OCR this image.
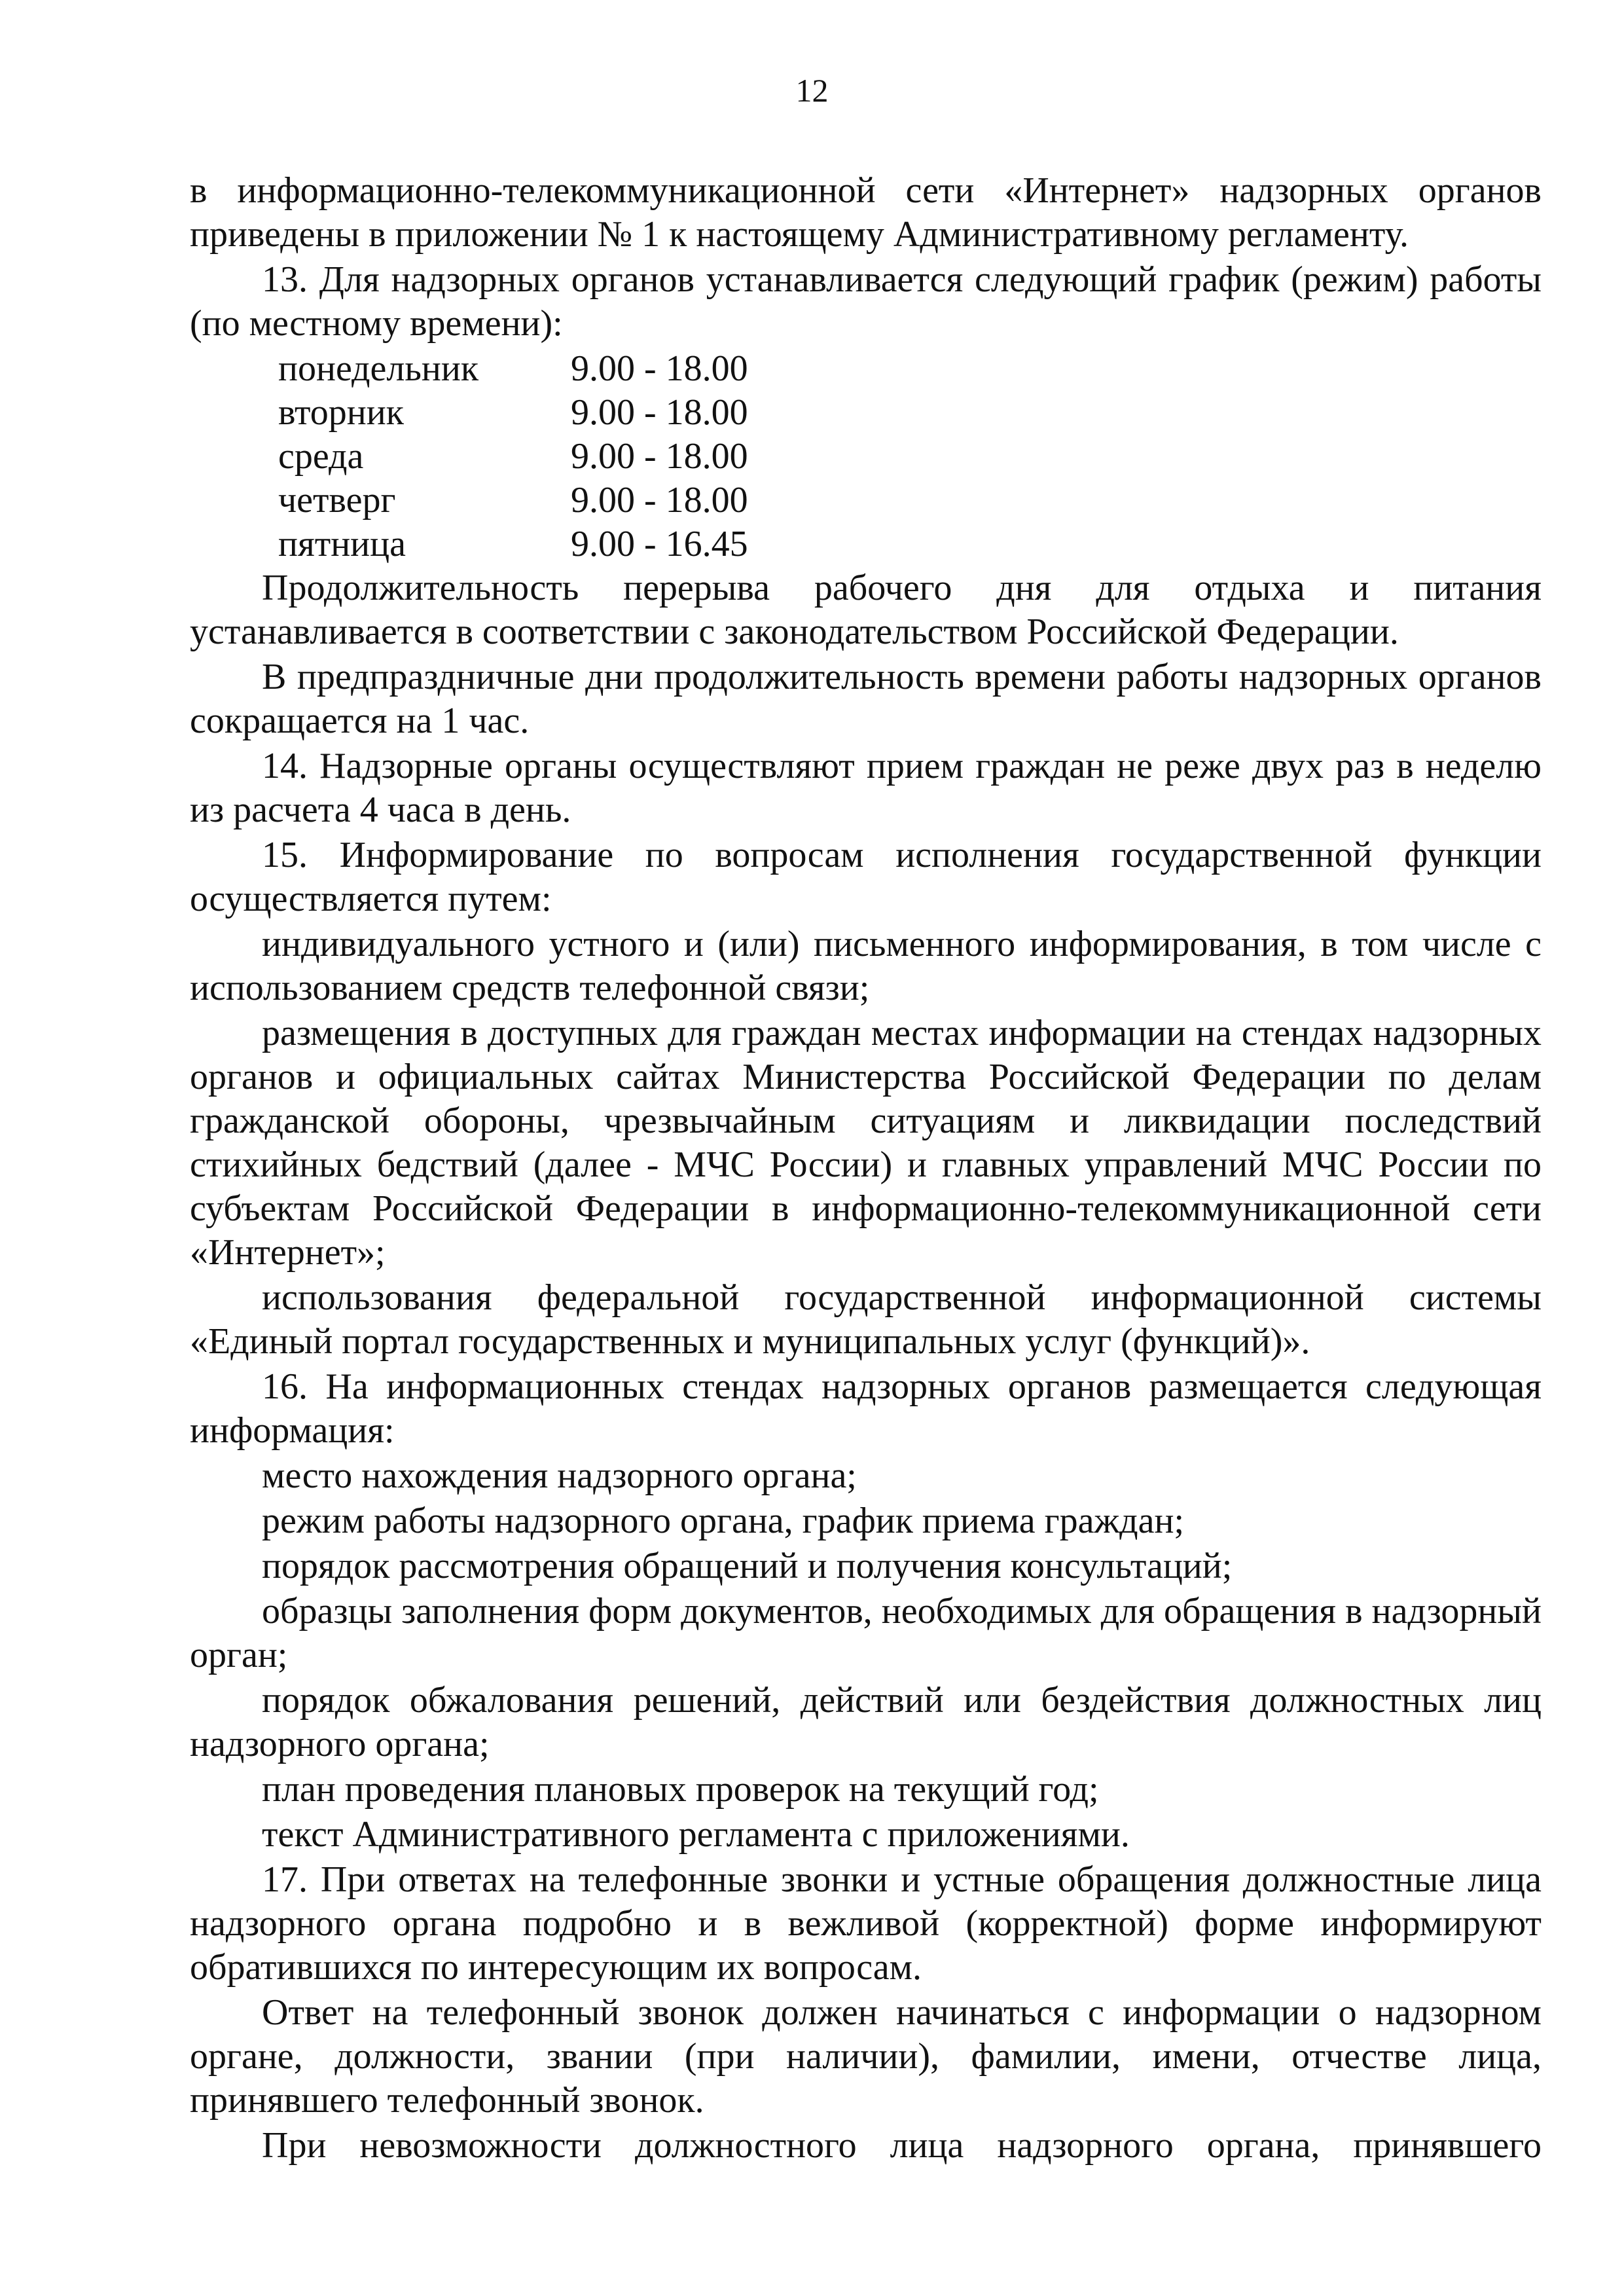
12

в информационно-телекоммуникационной сети «Интернет» надзорных органов приведены в приложении № 1 к настоящему Административному регламенту.

13. Для надзорных органов устанавливается следующий график (режим) работы (по местному времени):

понедельник	9.00 - 18.00
вторник	9.00 - 18.00
среда	9.00 - 18.00
четверг	9.00 - 18.00
пятница	9.00 - 16.45

Продолжительность перерыва рабочего дня для отдыха и питания устанавливается в соответствии с законодательством Российской Федерации.

В предпраздничные дни продолжительность времени работы надзорных органов сокращается на 1 час.

14. Надзорные органы осуществляют прием граждан не реже двух раз в неделю из расчета 4 часа в день.

15. Информирование по вопросам исполнения государственной функции осуществляется путем:

индивидуального устного и (или) письменного информирования, в том числе с использованием средств телефонной связи;

размещения в доступных для граждан местах информации на стендах надзорных органов и официальных сайтах Министерства Российской Федерации по делам гражданской обороны, чрезвычайным ситуациям и ликвидации последствий стихийных бедствий (далее - МЧС России) и главных управлений МЧС России по субъектам Российской Федерации в информационно-телекоммуникационной сети «Интернет»;

использования федеральной государственной информационной системы «Единый портал государственных и муниципальных услуг (функций)».

16. На информационных стендах надзорных органов размещается следующая информация:

место нахождения надзорного органа;

режим работы надзорного органа, график приема граждан;

порядок рассмотрения обращений и получения консультаций;

образцы заполнения форм документов, необходимых для обращения в надзорный орган;

порядок обжалования решений, действий или бездействия должностных лиц надзорного органа;

план проведения плановых проверок на текущий год;

текст Административного регламента с приложениями.

17. При ответах на телефонные звонки и устные обращения должностные лица надзорного органа подробно и в вежливой (корректной) форме информируют обратившихся по интересующим их вопросам.

Ответ на телефонный звонок должен начинаться с информации о надзорном органе, должности, звании (при наличии), фамилии, имени, отчестве лица, принявшего телефонный звонок.

При невозможности должностного лица надзорного органа, принявшего
